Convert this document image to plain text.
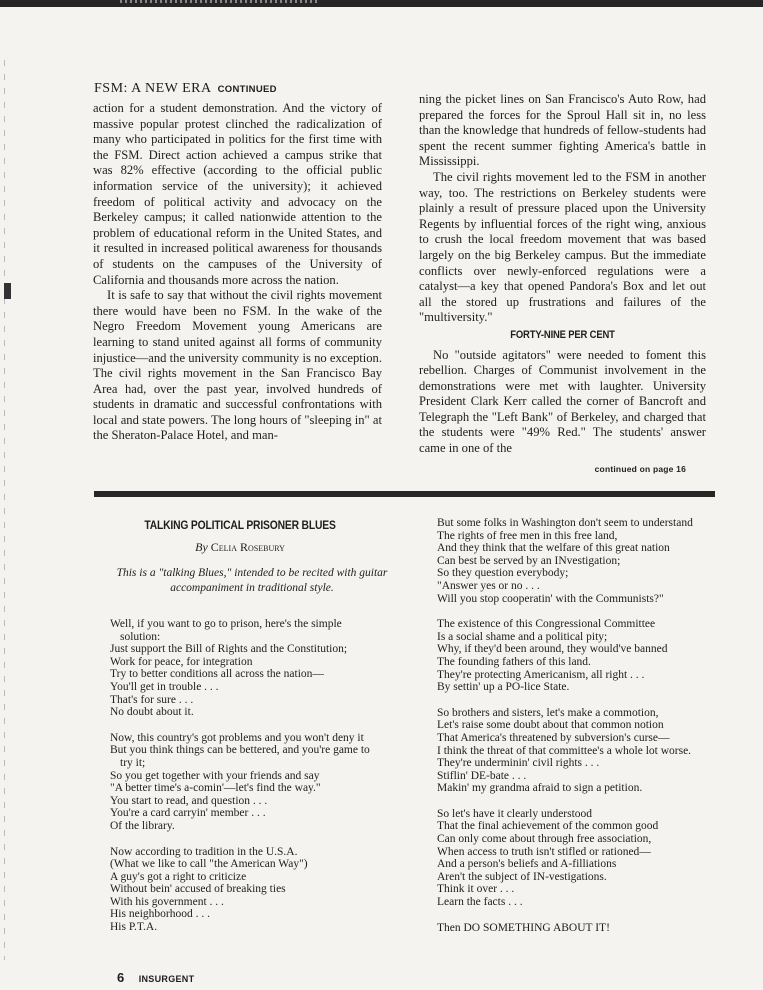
FSM: A NEW ERA CONTINUED

action for a student demonstration. And the victory of massive popular protest clinched the radicalization of many who participated in politics for the first time with the FSM. Direct action achieved a campus strike that was 82% effective (according to the official public information service of the university); it achieved freedom of political activity and advocacy on the Berkeley campus; it called nationwide attention to the problem of educational reform in the United States, and it resulted in increased political awareness for thousands of students on the campuses of the University of California and thousands more across the nation.

It is safe to say that without the civil rights movement there would have been no FSM. In the wake of the Negro Freedom Movement young Americans are learning to stand united against all forms of community injustice—and the university community is no exception. The civil rights movement in the San Francisco Bay Area had, over the past year, involved hundreds of students in dramatic and successful confrontations with local and state powers. The long hours of "sleeping in" at the Sheraton-Palace Hotel, and man-

ning the picket lines on San Francisco's Auto Row, had prepared the forces for the Sproul Hall sit in, no less than the knowledge that hundreds of fellow-students had spent the recent summer fighting America's battle in Mississippi.

The civil rights movement led to the FSM in another way, too. The restrictions on Berkeley students were plainly a result of pressure placed upon the University Regents by influential forces of the right wing, anxious to crush the local freedom movement that was based largely on the big Berkeley campus. But the immediate conflicts over newly-enforced regulations were a catalyst—a key that opened Pandora's Box and let out all the stored up frustrations and failures of the "multiversity."

FORTY-NINE PER CENT

No "outside agitators" were needed to foment this rebellion. Charges of Communist involvement in the demonstrations were met with laughter. University President Clark Kerr called the corner of Bancroft and Telegraph the "Left Bank" of Berkeley, and charged that the students were "49% Red." The students' answer came in one of the

continued on page 16
TALKING POLITICAL PRISONER BLUES
By Celia Rosebury
This is a "talking Blues," intended to be recited with guitar accompaniment in traditional style.
Well, if you want to go to prison, here's the simple
solution:
Just support the Bill of Rights and the Constitution;
Work for peace, for integration
Try to better conditions all across the nation—
You'll get in trouble . . .
That's for sure . . .
No doubt about it.
Now, this country's got problems and you won't deny it
But you think things can be bettered, and you're game to
try it;
So you get together with your friends and say
"A better time's a-comin'—let's find the way."
You start to read, and question . . .
You're a card carryin' member . . .
Of the library.
Now according to tradition in the U.S.A.
(What we like to call "the American Way")
A guy's got a right to criticize
Without bein' accused of breaking ties
With his government . . .
His neighborhood . . .
His P.T.A.
But some folks in Washington don't seem to understand
The rights of free men in this free land,
And they think that the welfare of this great nation
Can best be served by an INvestigation;
So they question everybody;
"Answer yes or no . . .
Will you stop cooperatin' with the Communists?"
The existence of this Congressional Committee
Is a social shame and a political pity;
Why, if they'd been around, they would've banned
The founding fathers of this land.
They're protecting Americanism, all right . . .
By settin' up a PO-lice State.
So brothers and sisters, let's make a commotion,
Let's raise some doubt about that common notion
That America's threatened by subversion's curse—
I think the threat of that committee's a whole lot worse.
They're underminin' civil rights . . .
Stiflin' DE-bate . . .
Makin' my grandma afraid to sign a petition.
So let's have it clearly understood
That the final achievement of the common good
Can only come about through free association,
When access to truth isn't stifled or rationed—
And a person's beliefs and A-filliations
Aren't the subject of IN-vestigations.
Think it over . . .
Learn the facts . . .
Then DO SOMETHING ABOUT IT!
6 INSURGENT
